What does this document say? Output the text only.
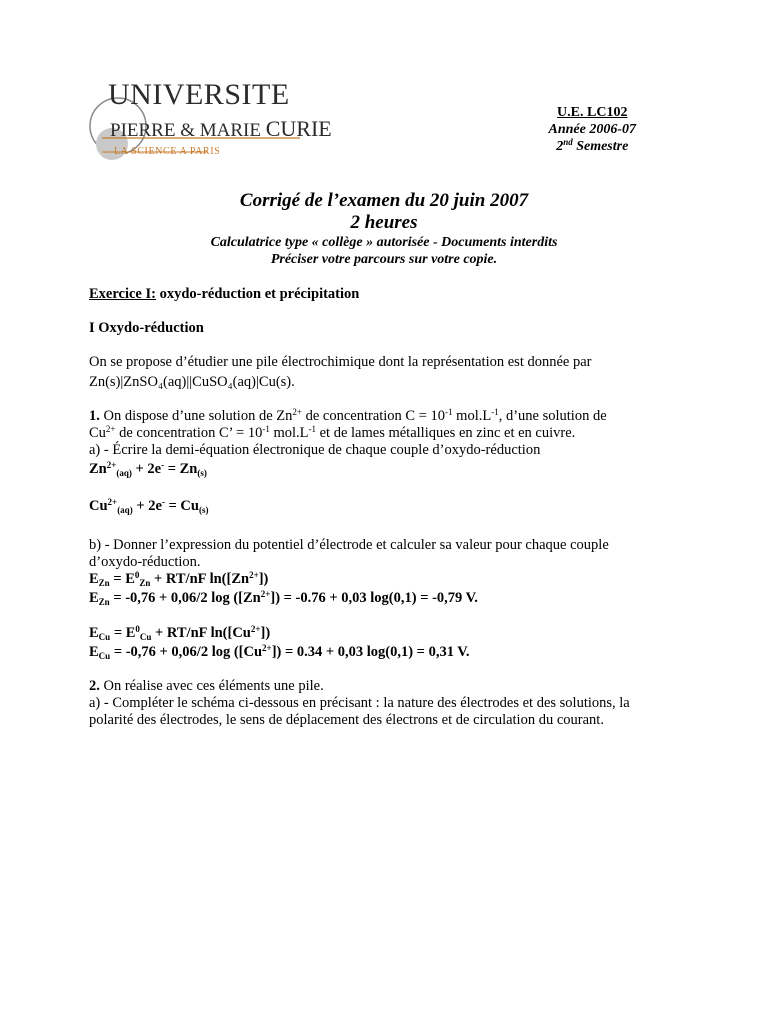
UNIVERSITE
PIERRE & MARIE CURIE
LA SCIENCE A PARIS
U.E. LC102
Année 2006-07
2nd Semestre
Corrigé de l’examen du 20 juin 2007
2 heures
Calculatrice type « collège » autorisée - Documents interdits
Préciser votre parcours sur votre copie.

Exercice I: oxydo-réduction et précipitation

I Oxydo-réduction

On se propose d’étudier une pile électrochimique dont la représentation est donnée par
Zn(s)|ZnSO₄(aq)||CuSO₄(aq)|Cu(s).

1. On dispose d’une solution de $Zn^{2+}$ de concentration $C = 10^{-1}$ $mol.L^{-1}$, d’une solution de
$Cu^{2+}$ de concentration C’ = $10^{-1}$ $mol.L^{-1}$ et de lames métalliques en zinc et en cuivre.
a) - Écrire la demi-équation électronique de chaque couple d’oxydo-réduction
$Zn^{2+}_{(aq)} + 2e^- = Zn_{(s)}$

$Cu^{2+}_{(aq)} + 2e^- = Cu_{(s)}$

b) - Donner l’expression du potentiel d’électrode et calculer sa valeur pour chaque couple
d’oxydo-réduction.
$E_{Zn} = E^0_{Zn} + RT/nF$ $\ln([Zn^{2+}])$
$E_{Zn} = -0,76 + 0,06/2$ $\log ([Zn^{2+}]) = -0.76 + 0,03$ log(0,1) = -0,79 V.

$E_{Cu} = E^0_{Cu} + RT/nF$ $\ln([Cu^{2+}])$
$E_{Cu} = -0,76 + 0,06/2$ $\log ([Cu^{2+}]) = 0.34 + 0,03$ log(0,1) = 0,31 V.

2. On réalise avec ces éléments une pile.
a) - Compléter le schéma ci-dessous en précisant : la nature des électrodes et des solutions, la
polarité des électrodes, le sens de déplacement des électrons et de circulation du courant.
